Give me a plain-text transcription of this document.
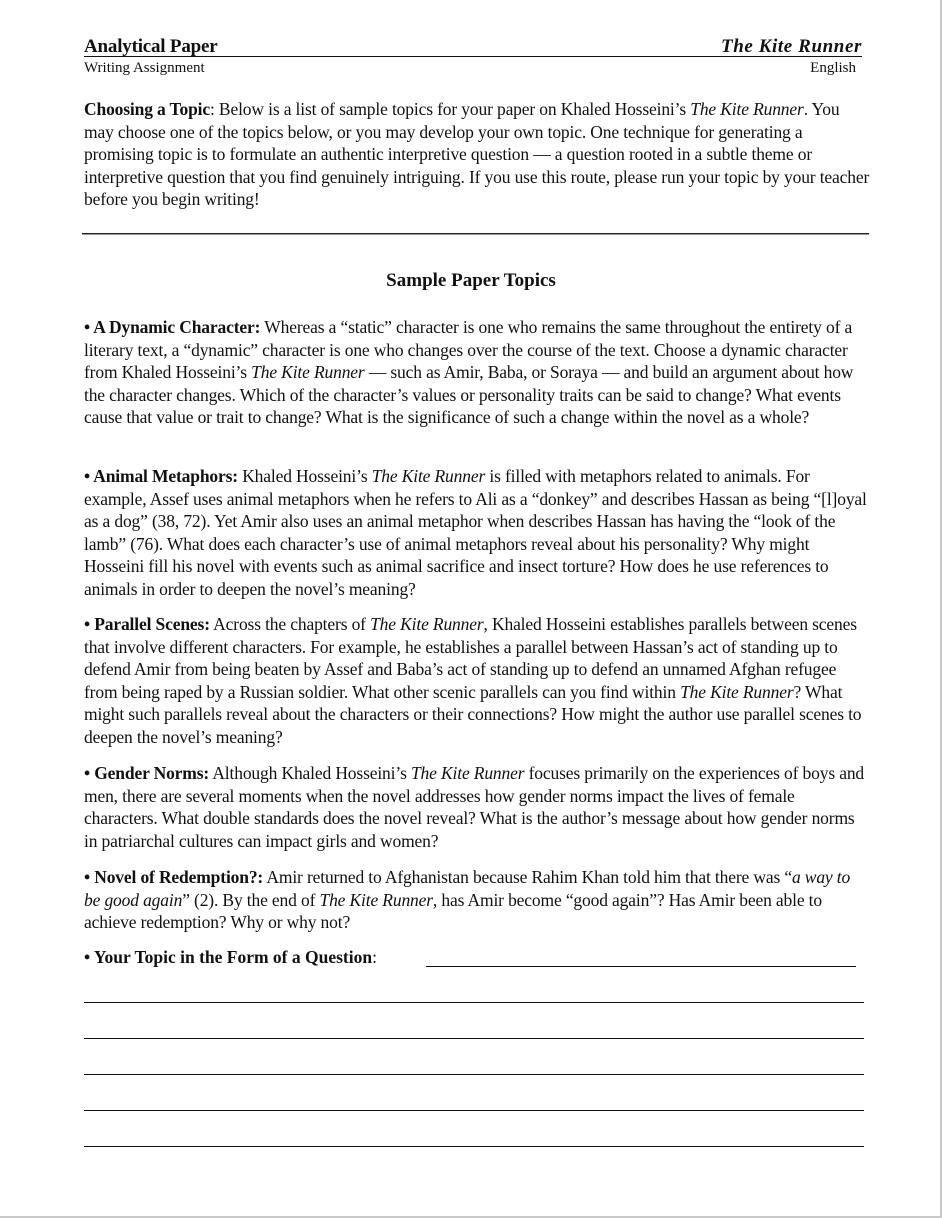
Analytical Paper	The Kite Runner
Writing Assignment	English
Choosing a Topic: Below is a list of sample topics for your paper on Khaled Hosseini’s The Kite Runner. You may choose one of the topics below, or you may develop your own topic. One technique for generating a promising topic is to formulate an authentic interpretive question — a question rooted in a subtle theme or interpretive question that you find genuinely intriguing. If you use this route, please run your topic by your teacher before you begin writing!
Sample Paper Topics
• A Dynamic Character: Whereas a “static” character is one who remains the same throughout the entirety of a literary text, a “dynamic” character is one who changes over the course of the text. Choose a dynamic character from Khaled Hosseini’s The Kite Runner — such as Amir, Baba, or Soraya — and build an argument about how the character changes. Which of the character’s values or personality traits can be said to change? What events cause that value or trait to change? What is the significance of such a change within the novel as a whole?
• Animal Metaphors: Khaled Hosseini’s The Kite Runner is filled with metaphors related to animals. For example, Assef uses animal metaphors when he refers to Ali as a “donkey” and describes Hassan as being “[l]oyal as a dog” (38, 72). Yet Amir also uses an animal metaphor when describes Hassan has having the “look of the lamb” (76). What does each character’s use of animal metaphors reveal about his personality? Why might Hosseini fill his novel with events such as animal sacrifice and insect torture? How does he use references to animals in order to deepen the novel’s meaning?
• Parallel Scenes: Across the chapters of The Kite Runner, Khaled Hosseini establishes parallels between scenes that involve different characters. For example, he establishes a parallel between Hassan’s act of standing up to defend Amir from being beaten by Assef and Baba’s act of standing up to defend an unnamed Afghan refugee from being raped by a Russian soldier. What other scenic parallels can you find within The Kite Runner? What might such parallels reveal about the characters or their connections? How might the author use parallel scenes to deepen the novel’s meaning?
• Gender Norms: Although Khaled Hosseini’s The Kite Runner focuses primarily on the experiences of boys and men, there are several moments when the novel addresses how gender norms impact the lives of female characters. What double standards does the novel reveal? What is the author’s message about how gender norms in patriarchal cultures can impact girls and women?
• Novel of Redemption?: Amir returned to Afghanistan because Rahim Khan told him that there was “a way to be good again” (2). By the end of The Kite Runner, has Amir become “good again”? Has Amir been able to achieve redemption? Why or why not?
• Your Topic in the Form of a Question:
